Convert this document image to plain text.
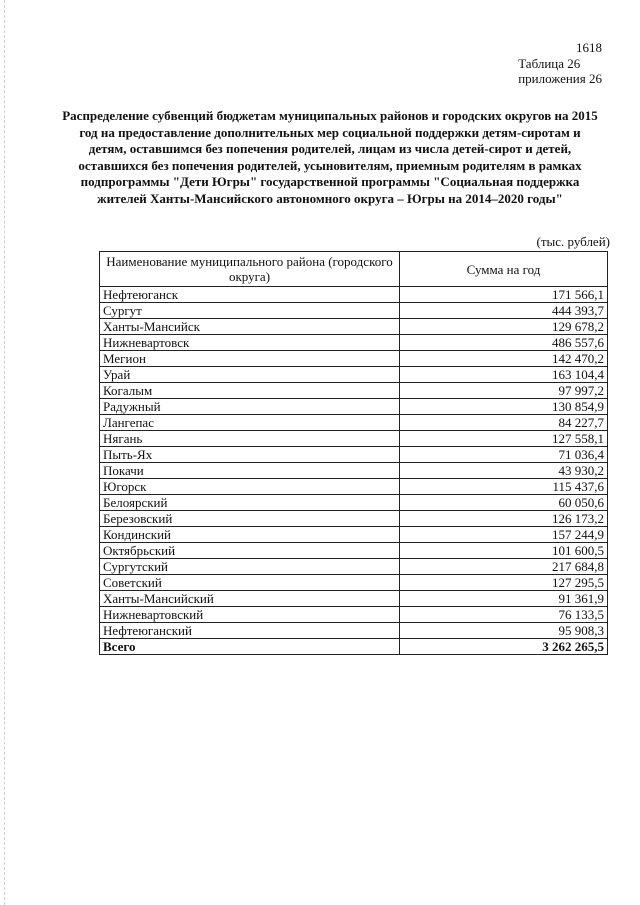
1618
Таблица 26
приложения 26
Распределение субвенций бюджетам муниципальных районов и городских округов на 2015 год на предоставление дополнительных мер социальной поддержки детям-сиротам и детям, оставшимся без попечения родителей, лицам из числа детей-сирот и детей, оставшихся без попечения родителей, усыновителям, приемным родителям в рамках подпрограммы "Дети Югры" государственной программы "Социальная поддержка жителей Ханты-Мансийского автономного округа – Югры на 2014–2020 годы"
(тыс. рублей)
Наименование муниципального района (городского округа)	Сумма на год
Нефтеюганск	171 566,1
Сургут	444 393,7
Ханты-Мансийск	129 678,2
Нижневартовск	486 557,6
Мегион	142 470,2
Урай	163 104,4
Когалым	97 997,2
Радужный	130 854,9
Лангепас	84 227,7
Нягань	127 558,1
Пыть-Ях	71 036,4
Покачи	43 930,2
Югорск	115 437,6
Белоярский	60 050,6
Березовский	126 173,2
Кондинский	157 244,9
Октябрьский	101 600,5
Сургутский	217 684,8
Советский	127 295,5
Ханты-Мансийский	91 361,9
Нижневартовский	76 133,5
Нефтеюганский	95 908,3
Всего	3 262 265,5
